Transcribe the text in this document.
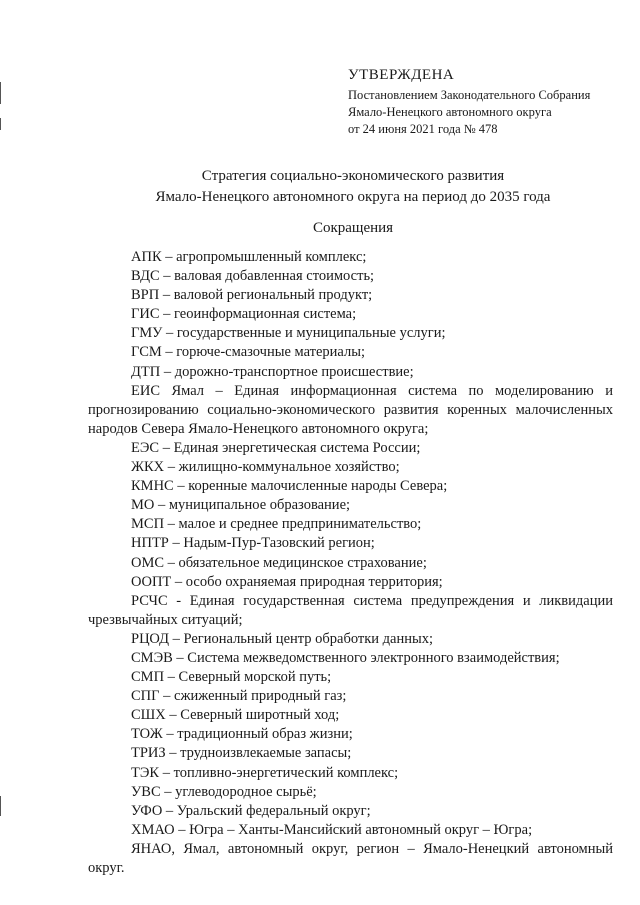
УТВЕРЖДЕНА
Постановлением Законодательного Собрания
Ямало-Ненецкого автономного округа
от 24 июня 2021 года № 478
Стратегия социально-экономического развития
Ямало-Ненецкого автономного округа на период до 2035 года
Сокращения

АПК – агропромышленный комплекс;

ВДС – валовая добавленная стоимость;

ВРП – валовой региональный продукт;

ГИС – геоинформационная система;

ГМУ – государственные и муниципальные услуги;

ГСМ – горюче-смазочные материалы;

ДТП – дорожно-транспортное происшествие;

ЕИС Ямал – Единая информационная система по моделированию и прогнозированию социально-экономического развития коренных малочисленных народов Севера Ямало-Ненецкого автономного округа;

ЕЭС – Единая энергетическая система России;

ЖКХ – жилищно-коммунальное хозяйство;

КМНС – коренные малочисленные народы Севера;

МО – муниципальное образование;

МСП – малое и среднее предпринимательство;

НПТР – Надым-Пур-Тазовский регион;

ОМС – обязательное медицинское страхование;

ООПТ – особо охраняемая природная территория;

РСЧС - Единая государственная система предупреждения и ликвидации чрезвычайных ситуаций;

РЦОД – Региональный центр обработки данных;

СМЭВ – Система межведомственного электронного взаимодействия;

СМП – Северный морской путь;

СПГ – сжиженный природный газ;

СШХ – Северный широтный ход;

ТОЖ – традиционный образ жизни;

ТРИЗ – трудноизвлекаемые запасы;

ТЭК – топливно-энергетический комплекс;

УВС – углеводородное сырьё;

УФО – Уральский федеральный округ;

ХМАО – Югра – Ханты-Мансийский автономный округ – Югра;

ЯНАО, Ямал, автономный округ, регион – Ямало-Ненецкий автономный округ.
